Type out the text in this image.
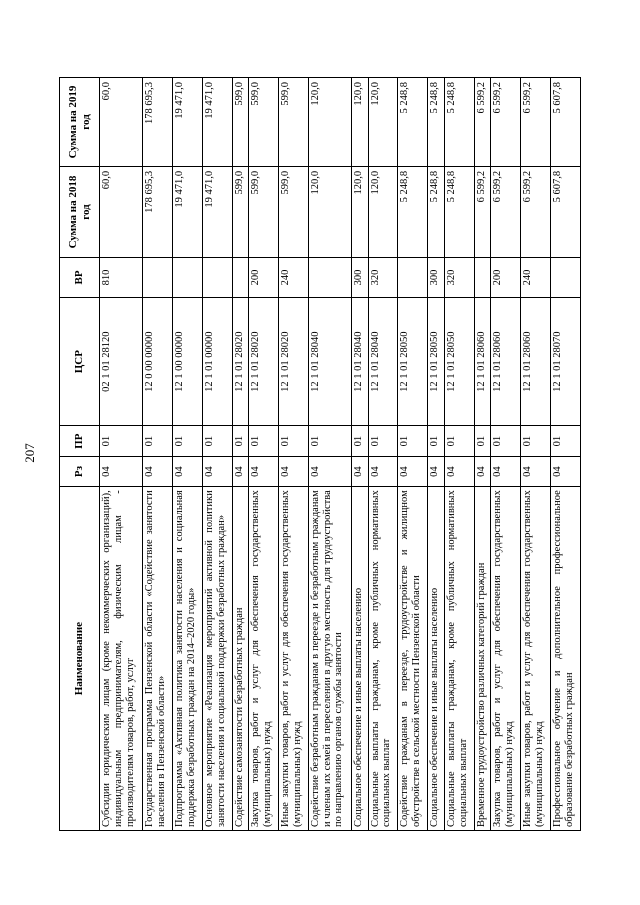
207
Наименование	Рз	ПР	ЦСР	ВР	Сумма на 2018 год	Сумма на 2019 год
Субсидии юридическим лицам (кроме некоммерческих организаций), индивидуальным предпринимателям, физическим лицам - производителям товаров, работ, услуг	04	01	02 1 01 28120	810	60,0	60,0
Государственная программа Пензенской области «Содействие занятости населения в Пензенской области»	04	01	12 0 00 00000		178 695,3	178 695,3
Подпрограмма «Активная политика занятости населения и социальная поддержка безработных граждан на 2014–2020 годы»	04	01	12 1 00 00000		19 471,0	19 471,0
Основное мероприятие «Реализация мероприятий активной политики занятости населения и социальной поддержки безработных граждан»	04	01	12 1 01 00000		19 471,0	19 471,0
Содействие самозанятости безработных граждан	04	01	12 1 01 28020		599,0	599,0
Закупка товаров, работ и услуг для обеспечения государственных (муниципальных) нужд	04	01	12 1 01 28020	200	599,0	599,0
Иные закупки товаров, работ и услуг для обеспечения государственных (муниципальных) нужд	04	01	12 1 01 28020	240	599,0	599,0
Содействие безработным гражданам в переезде и безработным гражданам и членам их семей в переселении в другую местность для трудоустройства по направлению органов службы занятости	04	01	12 1 01 28040		120,0	120,0
Социальное обеспечение и иные выплаты населению	04	01	12 1 01 28040	300	120,0	120,0
Социальные выплаты гражданам, кроме публичных нормативных социальных выплат	04	01	12 1 01 28040	320	120,0	120,0
Содействие гражданам в переезде, трудоустройстве и жилищном обустройстве в сельской местности Пензенской области	04	01	12 1 01 28050		5 248,8	5 248,8
Социальное обеспечение и иные выплаты населению	04	01	12 1 01 28050	300	5 248,8	5 248,8
Социальные выплаты гражданам, кроме публичных нормативных социальных выплат	04	01	12 1 01 28050	320	5 248,8	5 248,8
Временное трудоустройство различных категорий граждан	04	01	12 1 01 28060		6 599,2	6 599,2
Закупка товаров, работ и услуг для обеспечения государственных (муниципальных) нужд	04	01	12 1 01 28060	200	6 599,2	6 599,2
Иные закупки товаров, работ и услуг для обеспечения государственных (муниципальных) нужд	04	01	12 1 01 28060	240	6 599,2	6 599,2
Профессиональное обучение и дополнительное профессиональное образование безработных граждан	04	01	12 1 01 28070		5 607,8	5 607,8
